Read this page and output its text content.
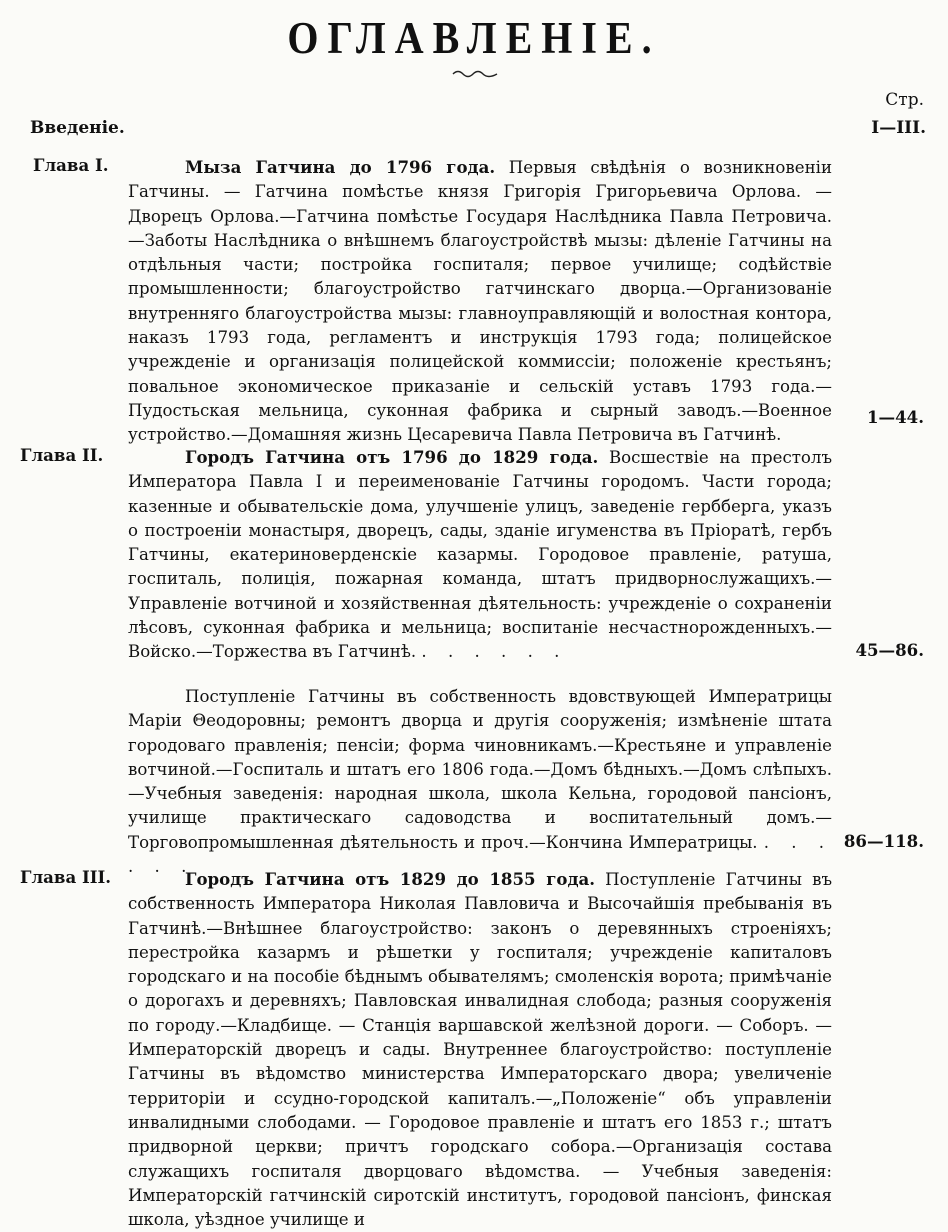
ОГЛАВЛЕНІЕ.
Стр.
Введеніе.	I—III.
Глава I.	Мыза Гатчина до 1796 года. Первыя свѣдѣнія о возникновеніи Гатчины. — Гатчина помѣстье князя Григорія Григорьевича Орлова. — Дворецъ Орлова.—Гатчина помѣстье Государя Наслѣдника Павла Петровича.—Заботы Наслѣдника о внѣшнемъ благоустройствѣ мызы: дѣленіе Гатчины на отдѣльныя части; постройка госпиталя; первое училище; содѣйствіе промышленности; благоустройство гатчинскаго дворца.—Организованіе внутренняго благоустройства мызы: главноуправляющій и волостная контора, наказъ 1793 года, регламентъ и инструкція 1793 года; полицейское учрежденіе и организація полицейской коммиссіи; положеніе крестьянъ; повальное экономическое приказаніе и сельскій уставъ 1793 года.—Пудостьская мельница, суконная фабрика и сырный заводъ.—Военное устройство.—Домашняя жизнь Цесаревича Павла Петровича въ Гатчинѣ.
1—44.
Глава II.	Городъ Гатчина отъ 1796 до 1829 года. Восшествіе на престолъ Императора Павла I и переименованіе Гатчины городомъ. Части города; казенные и обывательскіе дома, улучшеніе улицъ, заведеніе гербберга, указъ о построеніи монастыря, дворецъ, сады, зданіе игуменства въ Пріоратѣ, гербъ Гатчины, екатериноверденскіе казармы. Городовое правленіе, ратуша, госпиталь, полиція, пожарная команда, штатъ придворнослужащихъ.—Управленіе вотчиной и хозяйственная дѣятельность: учрежденіе о сохраненіи лѣсовъ, суконная фабрика и мельница; воспитаніе несчастнорожденныхъ.—Войско.—Торжества въ Гатчинѣ. . . . . . .	45—86.
Поступленіе Гатчины въ собственность вдовствующей Императрицы Маріи Θеодоровны; ремонтъ дворца и другія сооруженія; измѣненіе штата городоваго правленія; пенсіи; форма чиновникамъ.—Крестьяне и управленіе вотчиной.—Госпиталь и штатъ его 1806 года.—Домъ бѣдныхъ.—Домъ слѣпыхъ.—Учебныя заведенія: народная школа, школа Кельна, городовой пансіонъ, училище практическаго садоводства и воспитательный домъ.—Торговопромышленная дѣятельность и проч.—Кончина Императрицы. . . . . . .
86—118.
Глава III.	Городъ Гатчина отъ 1829 до 1855 года. Поступленіе Гатчины въ собственность Императора Николая Павловича и Высочайшія пребыванія въ Гатчинѣ.—Внѣшнее благоустройство: законъ о деревянныхъ строеніяхъ; перестройка казармъ и рѣшетки у госпиталя; учрежденіе капиталовъ городскаго и на пособіе бѣднымъ обывателямъ; смоленскія ворота; примѣчаніе о дорогахъ и деревняхъ; Павловская инвалидная слобода; разныя сооруженія по городу.—Кладбище. — Станція варшавской желѣзной дороги. — Соборъ. — Императорскій дворецъ и сады. Внутреннее благоустройство: поступленіе Гатчины въ вѣдомство министерства Императорскаго двора; увеличеніе территоріи и ссудно-городской капиталъ.—„Положеніе“ объ управленіи инвалидными слободами. — Городовое правленіе и штатъ его 1853 г.; штатъ придворной церкви; причтъ городскаго собора.—Организація состава служащихъ госпиталя дворцоваго вѣдомства. — Учебныя заведенія: Императорскій гатчинскій сиротскій институтъ, городовой пансіонъ, финская школа, уѣздное училище и
